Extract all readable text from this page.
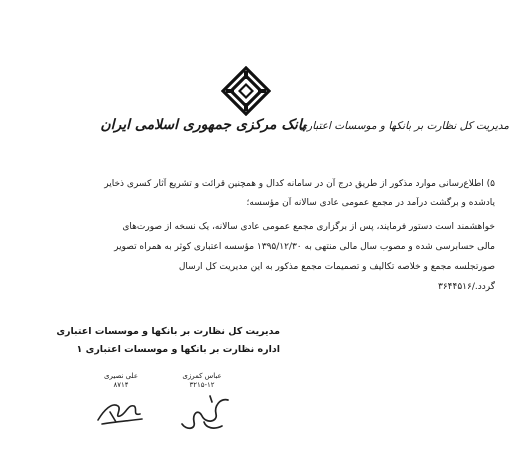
بانک مرکزی جمهوری اسلامی ایران
مدیریت کل نظارت بر بانکها و موسسات اعتباری
۵) اطلاع‌رسانی موارد مذکور از طریق درج آن در سامانه کدال و همچنین قرائت و تشریع آثار کسری ذخایر
یادشده و برگشت درآمد در مجمع عمومی عادی سالانه آن مؤسسه؛
خواهشمند است دستور فرمایند، پس از برگزاری مجمع عمومی عادی سالانه، یک نسخه از صورت‌های
مالی حسابرسی شده و مصوب سال مالی منتهی به ۱۳۹۵/۱۲/۳۰ مؤسسه اعتباری کوثر به همراه تصویر
صورتجلسه مجمع و خلاصه تکالیف و تصمیمات مجمع مذکور به این مدیریت کل ارسال
گردد./۳۶۴۴۵۱۶
مدیریت کل نظارت بر بانکها و موسسات اعتباری
اداره نظارت بر بانکها و موسسات اعتباری ۱
علی نصیری
۸۷۱۴
عباس کمرزی
۳۲۱۵-۱۲
